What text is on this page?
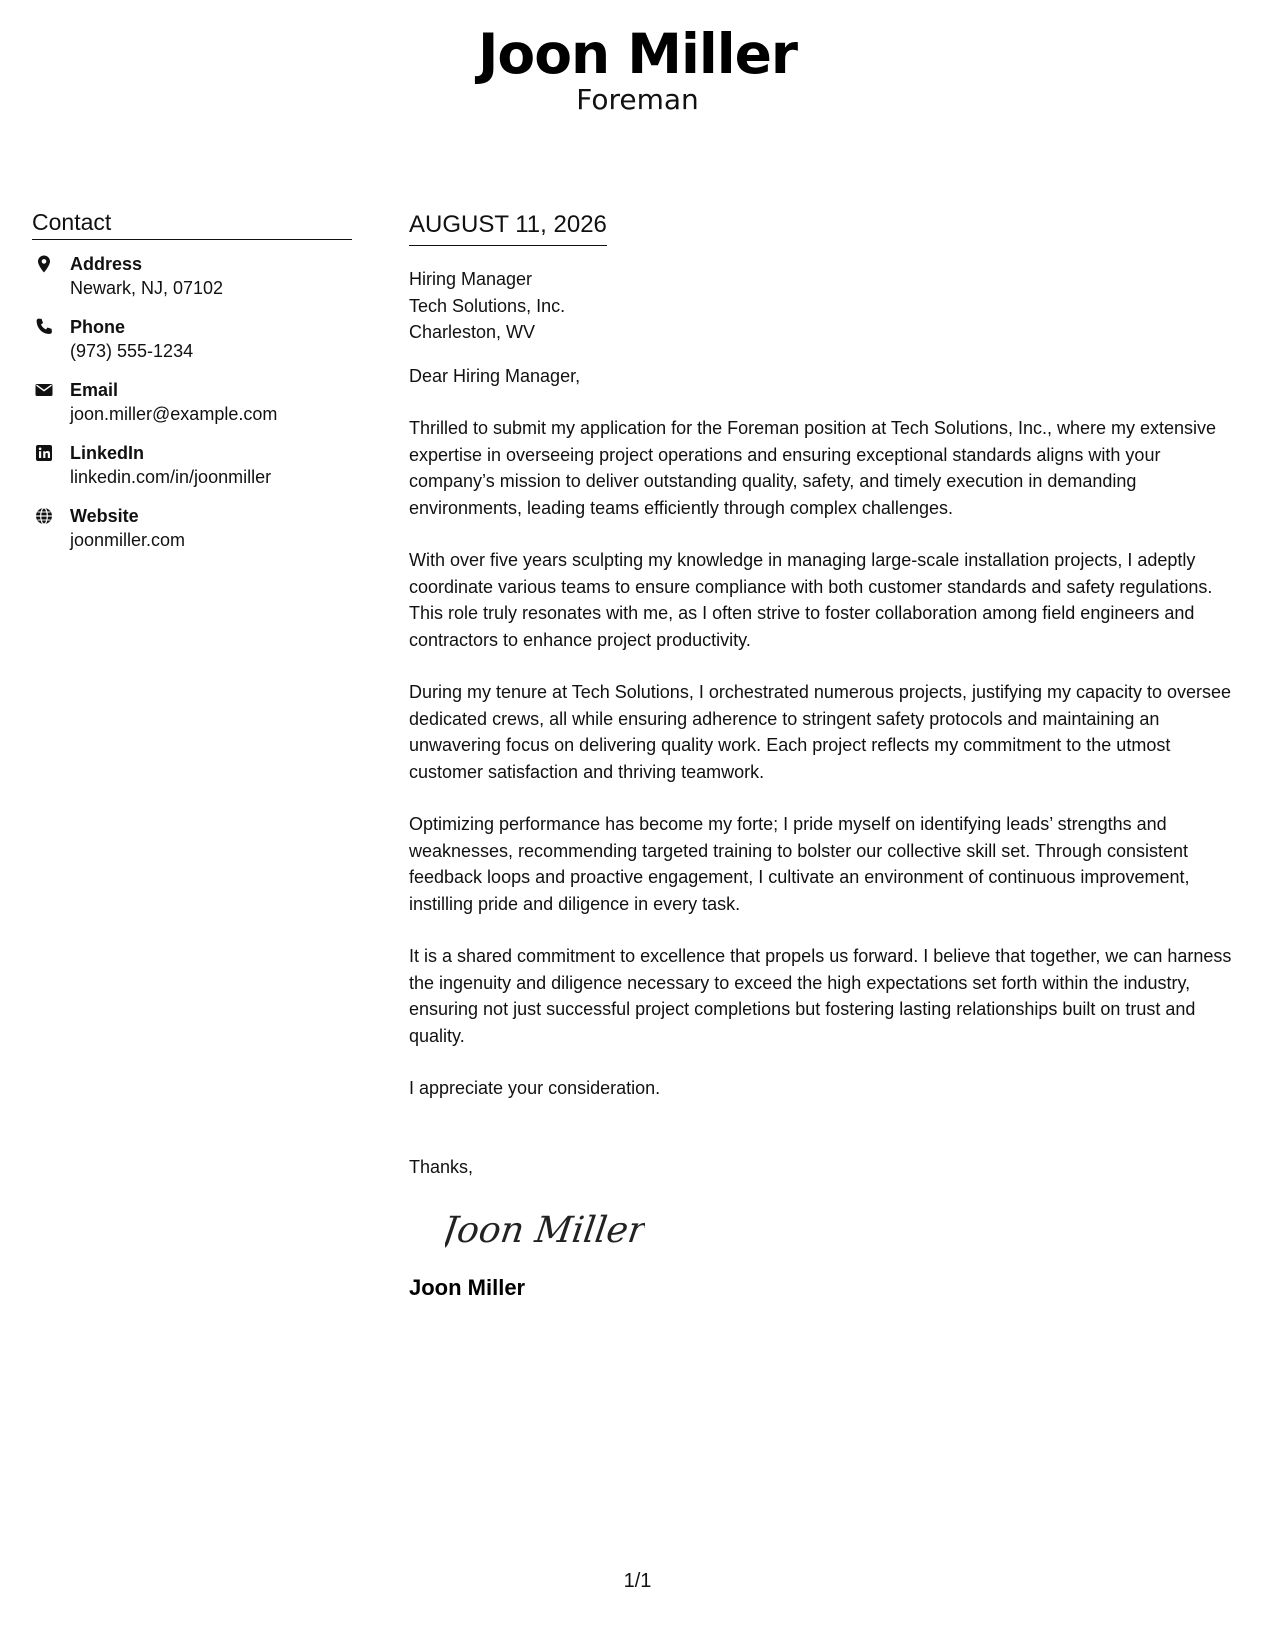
Joon Miller
Foreman
Contact
Address
Newark, NJ, 07102
Phone
(973) 555-1234
Email
joon.miller@example.com
LinkedIn
linkedin.com/in/joonmiller
Website
joonmiller.com
AUGUST 11, 2026
Hiring Manager
Tech Solutions, Inc.
Charleston, WV
Dear Hiring Manager,
Thrilled to submit my application for the Foreman position at Tech Solutions, Inc., where my extensive expertise in overseeing project operations and ensuring exceptional standards aligns with your company’s mission to deliver outstanding quality, safety, and timely execution in demanding environments, leading teams efficiently through complex challenges.
With over five years sculpting my knowledge in managing large-scale installation projects, I adeptly coordinate various teams to ensure compliance with both customer standards and safety regulations. This role truly resonates with me, as I often strive to foster collaboration among field engineers and contractors to enhance project productivity.
During my tenure at Tech Solutions, I orchestrated numerous projects, justifying my capacity to oversee dedicated crews, all while ensuring adherence to stringent safety protocols and maintaining an unwavering focus on delivering quality work. Each project reflects my commitment to the utmost customer satisfaction and thriving teamwork.
Optimizing performance has become my forte; I pride myself on identifying leads’ strengths and weaknesses, recommending targeted training to bolster our collective skill set. Through consistent feedback loops and proactive engagement, I cultivate an environment of continuous improvement, instilling pride and diligence in every task.
It is a shared commitment to excellence that propels us forward. I believe that together, we can harness the ingenuity and diligence necessary to exceed the high expectations set forth within the industry, ensuring not just successful project completions but fostering lasting relationships built on trust and quality.
I appreciate your consideration.
Thanks,
Joon Miller
Joon Miller
1/1
